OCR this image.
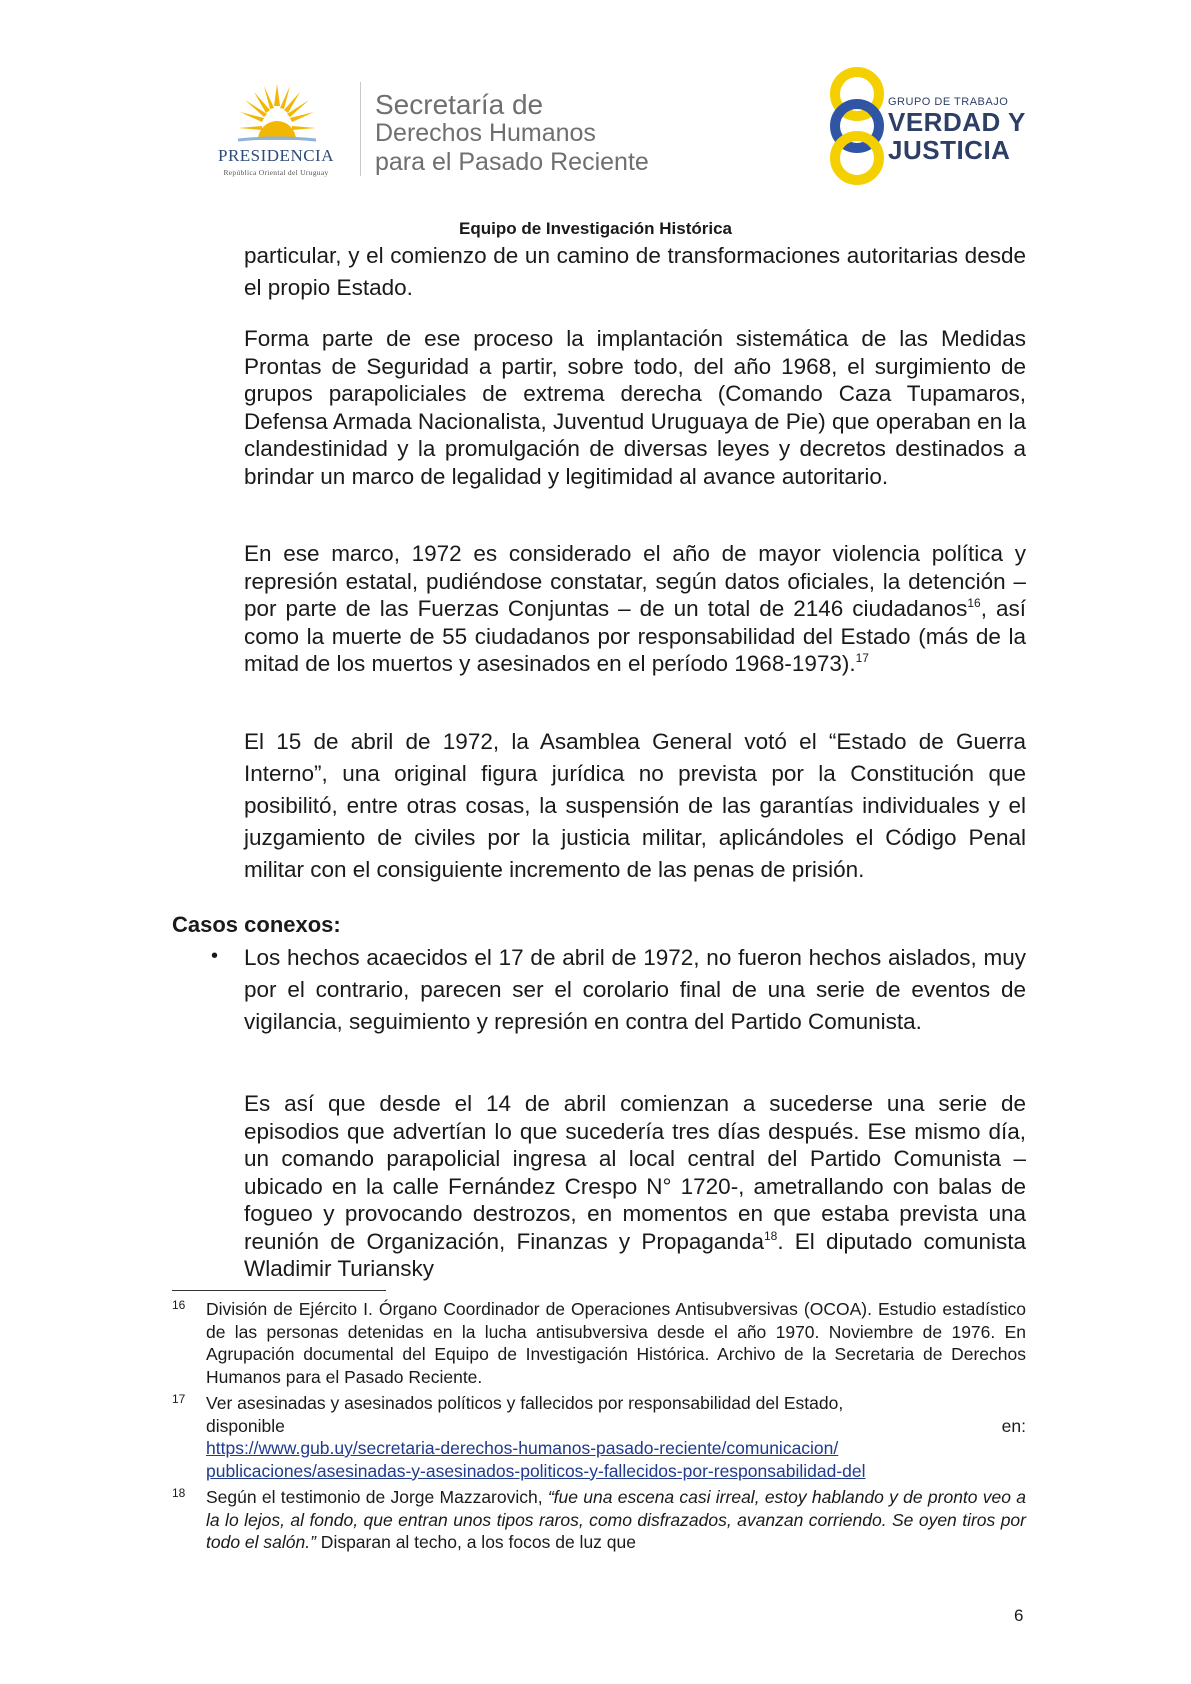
PRESIDENCIA
República Oriental del Uruguay
Secretaría de
Derechos Humanos
para el Pasado Reciente
GRUPO DE TRABAJO
VERDAD Y
JUSTICIA
Equipo de Investigación Histórica

particular, y el comienzo de un camino de transformaciones autoritarias desde el propio Estado.

Forma parte de ese proceso la implantación sistemática de las Medidas Prontas de Seguridad a partir, sobre todo, del año 1968, el surgimiento de grupos parapoliciales de extrema derecha (Comando Caza Tupamaros, Defensa Armada Nacionalista, Juventud Uruguaya de Pie) que operaban en la clandestinidad y la promulgación de diversas leyes y decretos destinados a brindar un marco de legalidad y legitimidad al avance autoritario.

En ese marco, 1972 es considerado el año de mayor violencia política y represión estatal, pudiéndose constatar, según datos oficiales, la detención – por parte de las Fuerzas Conjuntas – de un total de 2146 ciudadanos$^{16}$, así como la muerte de 55 ciudadanos por responsabilidad del Estado (más de la mitad de los muertos y asesinados en el período 1968-1973).$^{17}$

El 15 de abril de 1972, la Asamblea General votó el “Estado de Guerra Interno”, una original figura jurídica no prevista por la Constitución que posibilitó, entre otras cosas, la suspensión de las garantías individuales y el juzgamiento de civiles por la justicia militar, aplicándoles el Código Penal militar con el consiguiente incremento de las penas de prisión.

Casos conexos:
• Los hechos acaecidos el 17 de abril de 1972, no fueron hechos aislados, muy por el contrario, parecen ser el corolario final de una serie de eventos de vigilancia, seguimiento y represión en contra del Partido Comunista.

Es así que desde el 14 de abril comienzan a sucederse una serie de episodios que advertían lo que sucedería tres días después. Ese mismo día, un comando parapolicial ingresa al local central del Partido Comunista –ubicado en la calle Fernández Crespo N° 1720-, ametrallando con balas de fogueo y provocando destrozos, en momentos en que estaba prevista una reunión de Organización, Finanzas y Propaganda$^{18}$. El diputado comunista Wladimir Turiansky

16 División de Ejército I. Órgano Coordinador de Operaciones Antisubversivas (OCOA). Estudio estadístico de las personas detenidas en la lucha antisubversiva desde el año 1970. Noviembre de 1976. En Agrupación documental del Equipo de Investigación Histórica. Archivo de la Secretaria de Derechos Humanos para el Pasado Reciente.

17 Ver asesinadas y asesinados políticos y fallecidos por responsabilidad del Estado,
disponible	en:
https://www.gub.uy/secretaria-derechos-humanos-pasado-reciente/comunicacion/
publicaciones/asesinadas-y-asesinados-politicos-y-fallecidos-por-responsabilidad-del
18 Según el testimonio de Jorge Mazzarovich, “fue una escena casi irreal, estoy hablando y de pronto veo a la lo lejos, al fondo, que entran unos tipos raros, como disfrazados, avanzan corriendo. Se oyen tiros por todo el salón.” Disparan al techo, a los focos de luz que

6
